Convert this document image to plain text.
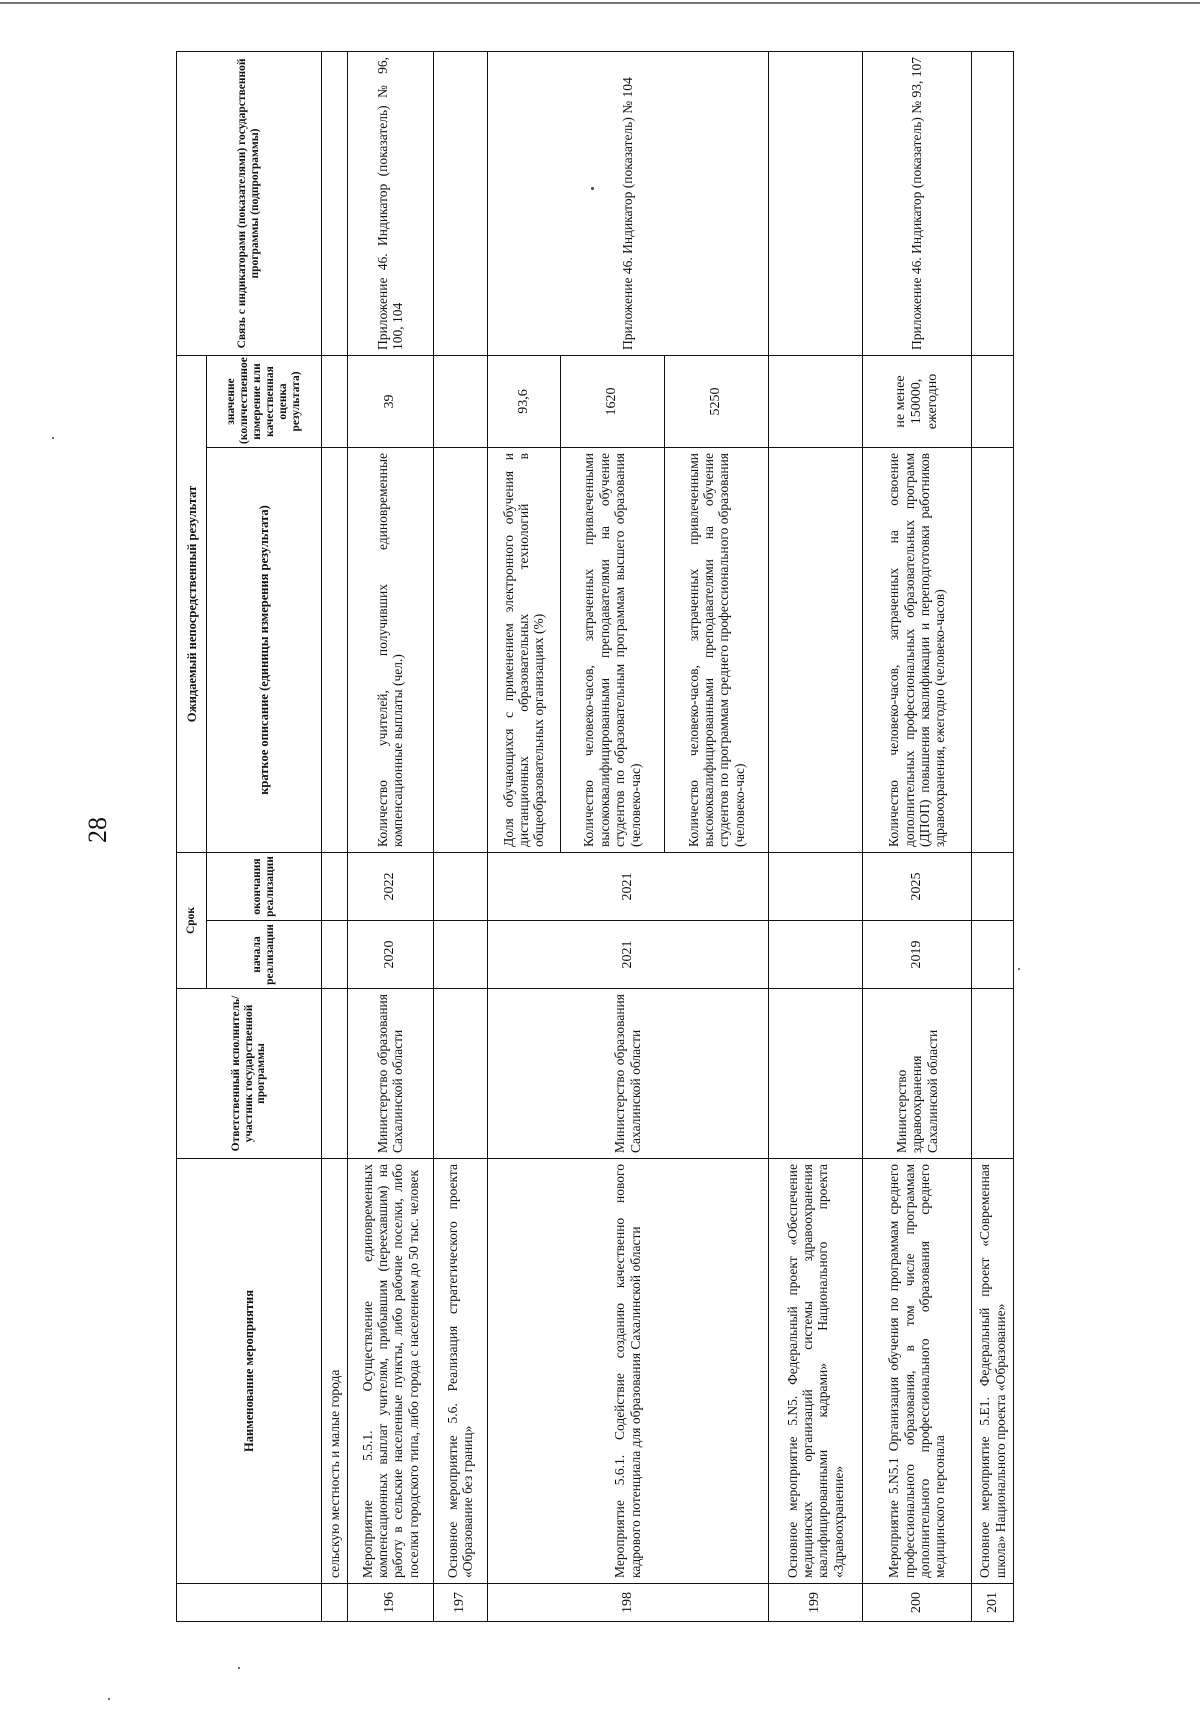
28
	Наименование мероприятия	Ответственный исполнитель/участник государственной программы	Срок		Ожидаемый непосредственный результат		Связь с индикаторами (показателями) государственной программы (подпрограммы)
			начала реализации	окончания реализации	краткое описание (единицы измерения результата)	значение (количественное измерение или качественная оценка результата)	
	сельскую местность и малые города						
196	Мероприятие 5.5.1. Осуществление единовременных компенсационных выплат учителям, прибывшим (переехавшим) на работу в сельские населенные пункты, либо рабочие поселки, либо поселки городского типа, либо города с населением до 50 тыс. человек	Министерство образования Сахалинской области	2020	2022	Количество учителей, получивших единовременные компенсационные выплаты (чел.)	39	Приложение 46. Индикатор (показатель) № 96, 100, 104
197	Основное мероприятие 5.6. Реализация стратегического проекта «Образование без границ»						
198	Мероприятие 5.6.1. Содействие созданию качественно нового кадрового потенциала для образования Сахалинской области	Министерство образования Сахалинской области	2021	2021	Доля обучающихся с применением электронного обучения и дистанционных образовательных технологий в общеобразовательных организациях (%)	93,6	Приложение 46. Индикатор (показатель) № 104
					Количество человеко-часов, затраченных привлеченными высококвалифицированными преподавателями на обучение студентов по образовательным программам высшего образования (человеко-час)	1620	
					Количество человеко-часов, затраченных привлеченными высококвалифицированными преподавателями на обучение студентов по программам среднего профессионального образования (человеко-час)	5250	
199	Основное мероприятие 5.N5. Федеральный проект «Обеспечение медицинских организаций системы здравоохранения квалифицированными кадрами» Национального проекта «Здравоохранение»						
200	Мероприятие 5.N5.1 Организация обучения по программам среднего профессионального образования, в том числе программам дополнительного профессионального образования среднего медицинского персонала	Министерство здравоохранения Сахалинской области	2019	2025	Количество человеко-часов, затраченных на освоение дополнительных профессиональных образовательных программ (ДПОП) повышения квалификации и переподготовки работников здравоохранения, ежегодно (человеко-часов)	не менее 150000, ежегодно	Приложение 46. Индикатор (показатель) № 93, 107
201	Основное мероприятие 5.E1. Федеральный проект «Современная школа» Национального проекта «Образование»						
